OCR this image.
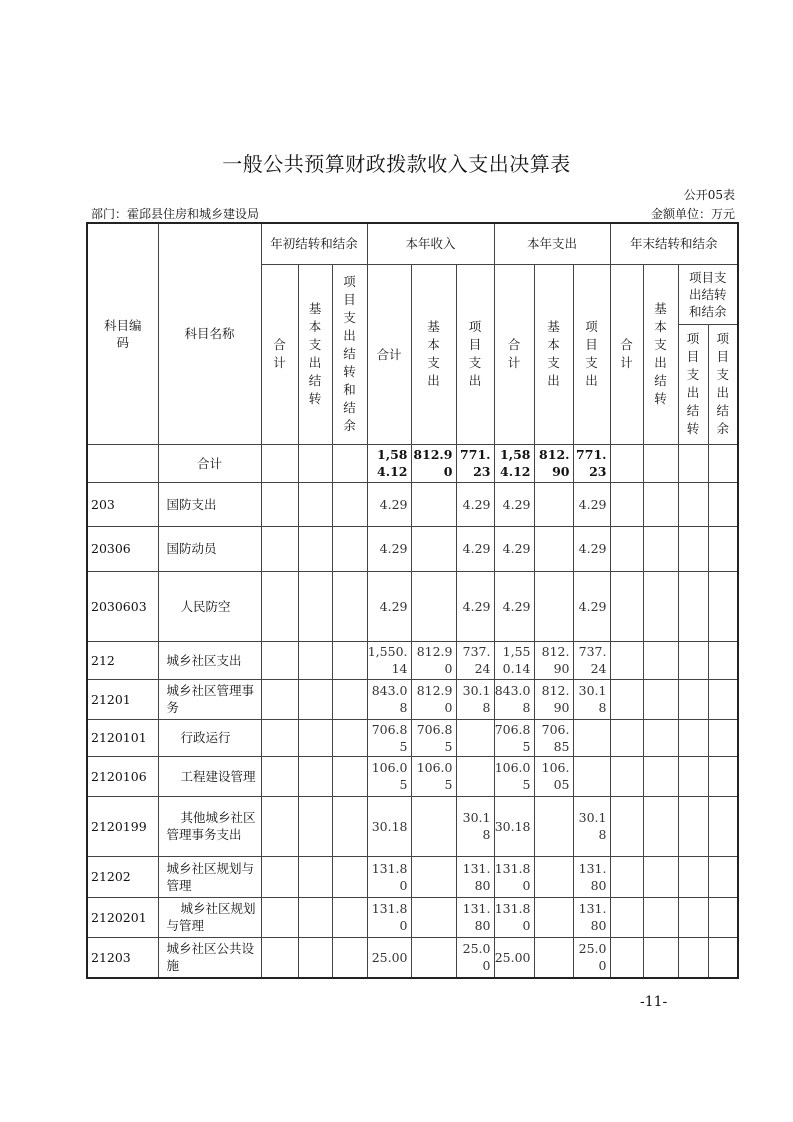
一般公共预算财政拨款收入支出决算表
公开05表
部门：霍邱县住房和城乡建设局	金额单位：万元
科目编码	科目名称	年初结转和结余			本年收入			本年支出			年末结转和结余			
		合计	基本支出结转	项目支出结转和结余	合计	基本支出	项目支出	合计	基本支出	项目支出	合计	基本支出结转	项目支出结转和结余	
													项目支出结转	项目支出结余
	合计				1,584.12	812.90	771.23	1,584.12	812.90	771.23				
203	国防支出				4.29		4.29	4.29		4.29				
20306	国防动员				4.29		4.29	4.29		4.29				
2030603	人民防空				4.29		4.29	4.29		4.29				
212	城乡社区支出				1,550.14	812.90	737.24	1,550.14	812.90	737.24				
21201	城乡社区管理事务				843.08	812.90	30.18	843.08	812.90	30.18				
2120101	行政运行				706.85	706.85		706.85	706.85					
2120106	工程建设管理				106.05	106.05		106.05	106.05					
2120199	其他城乡社区管理事务支出				30.18		30.18	30.18		30.18				
21202	城乡社区规划与管理				131.80		131.80	131.80		131.80				
2120201	城乡社区规划与管理				131.80		131.80	131.80		131.80				
21203	城乡社区公共设施				25.00		25.00	25.00		25.00				
-11-
